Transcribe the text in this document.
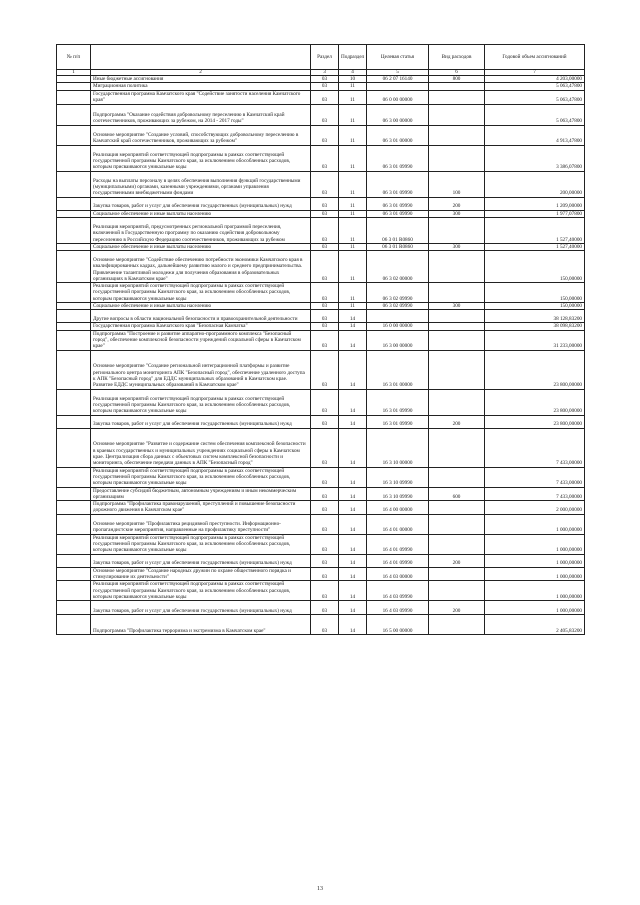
№ п/п		Раздел	Подраздел	Целевая статья	Вид расходов	Годовой объем ассигнований
1	2	3	4	5	6	7
	Иные бюджетные ассигнования	03	10	06 2 07 16140	800	4 203,00000
	Миграционная политика	03	11			5 063,47800
	Государственная программа Камчатского края "Содействие занятости населения Камчатского края"	03	11	06 0 00 00000		5 063,47800
	Подпрограмма "Оказание содействия добровольному переселению в Камчатский край соотечественников, проживающих за рубежом, на 2014 - 2017 годы"	03	11	06 3 00 00000		5 063,47800
	Основное мероприятие "Создание условий, способствующих добровольному переселению в Камчатский край соотечественников, проживающих за рубежом"	03	11	06 3 01 00000		4 913,47800
	Реализация мероприятий соответствующей подпрограммы в рамках соответствующей государственной программы Камчатского края, за исключением обособленных расходов, которым присваиваются уникальные коды	03	11	06 3 01 09990		3 386,07800
	Расходы на выплаты персоналу в целях обеспечения выполнения функций государственными (муниципальными) органами, казенными учреждениями, органами управления государственными внебюджетными фондами	03	11	06 3 01 09990	100	200,00000
	Закупка товаров, работ и услуг для обеспечения государственных (муниципальных) нужд	03	11	06 3 01 09990	200	1 209,00000
	Социальное обеспечение и иные выплаты населению	03	11	06 3 01 09990	300	1 977,07800
	Реализация мероприятий, предусмотренных региональной программой переселения, включенной в Государственную программу по оказанию содействия добровольному переселению в Российскую Федерацию соотечественников, проживающих за рубежом	03	11	06 3 01 R0860		1 527,40000
	Социальное обеспечение и иные выплаты населению	03	11	06 3 01 R0860	300	1 527,40000
	Основное мероприятие "Содействие обеспечению потребности экономики Камчатского края в квалифицированных кадрах, дальнейшему развитию малого и среднего предпринимательства. Привлечение талантливой молодежи для получения образования в образовательных организациях в Камчатском крае"	03	11	06 3 02 00000		150,00000
	Реализация мероприятий соответствующей подпрограммы в рамках соответствующей государственной программы Камчатского края, за исключением обособленных расходов, которым присваиваются уникальные коды	03	11	06 3 02 09990		150,00000
	Социальное обеспечение и иные выплаты населению	03	11	06 3 02 09990	300	150,00000
	Другие вопросы в области национальной безопасности и правоохранительной деятельности	03	14			38 128,83200
	Государственная программа Камчатского края "Безопасная Камчатка"	03	14	16 0 00 00000		38 098,83200
	Подпрограмма "Построение и развитие аппаратно-программного комплекса "Безопасный город", обеспечение комплексной безопасности учреждений социальной сферы в Камчатском крае"	03	14	16 3 00 00000		31 233,00000
	Основное мероприятие "Создание региональной интеграционной платформы и развитие регионального центра мониторинга АПК "Безопасный город", обеспечение удаленного доступа к АПК "Безопасный город" для ЕДДС муниципальных образований в Камчатском крае. Развитие ЕДДС муниципальных образований в Камчатском крае"	03	14	16 3 01 00000		23 800,00000
	Реализация мероприятий соответствующей подпрограммы в рамках соответствующей государственной программы Камчатского края, за исключением обособленных расходов, которым присваиваются уникальные коды	03	14	16 3 01 09990		23 800,00000
	Закупка товаров, работ и услуг для обеспечения государственных (муниципальных) нужд	03	14	16 3 01 09990	200	23 800,00000
	Основное мероприятие "Развитие и содержание систем обеспечения комплексной безопасности в краевых государственных и муниципальных учреждениях социальной сферы в Камчатском крае. Централизация сбора данных с объектовых систем комплексной безопасности и мониторинга, обеспечение передачи данных в АПК "Безопасный город"	03	14	16 3 10 00000		7 433,00000
	Реализация мероприятий соответствующей подпрограммы в рамках соответствующей государственной программы Камчатского края, за исключением обособленных расходов, которым присваиваются уникальные коды	03	14	16 3 10 09990		7 433,00000
	Предоставление субсидий бюджетным, автономным учреждениям и иным некоммерческим организациям	03	14	16 3 10 09990	600	7 433,00000
	Подпрограмма "Профилактика правонарушений, преступлений и повышение безопасности дорожного движения в Камчатском крае"	03	14	16 4 00 00000		2 000,00000
	Основное мероприятие "Профилактика рецидивной преступности. Информационно-пропагандистские мероприятия, направленные на профилактику преступности"	03	14	16 4 01 00000		1 000,00000
	Реализация мероприятий соответствующей подпрограммы в рамках соответствующей государственной программы Камчатского края, за исключением обособленных расходов, которым присваиваются уникальные коды	03	14	16 4 01 09990		1 000,00000
	Закупка товаров, работ и услуг для обеспечения государственных (муниципальных) нужд	03	14	16 4 01 09990	200	1 000,00000
	Основное мероприятие "Создание народных дружин по охране общественного порядка и стимулирование их деятельности"	03	14	16 4 03 00000		1 000,00000
	Реализация мероприятий соответствующей подпрограммы в рамках соответствующей государственной программы Камчатского края, за исключением обособленных расходов, которым присваиваются уникальные коды	03	14	16 4 03 09990		1 000,00000
	Закупка товаров, работ и услуг для обеспечения государственных (муниципальных) нужд	03	14	16 4 03 09990	200	1 000,00000
	Подпрограмма "Профилактика терроризма и экстремизма в Камчатском крае"	03	14	16 5 00 00000		2 405,83200
13
